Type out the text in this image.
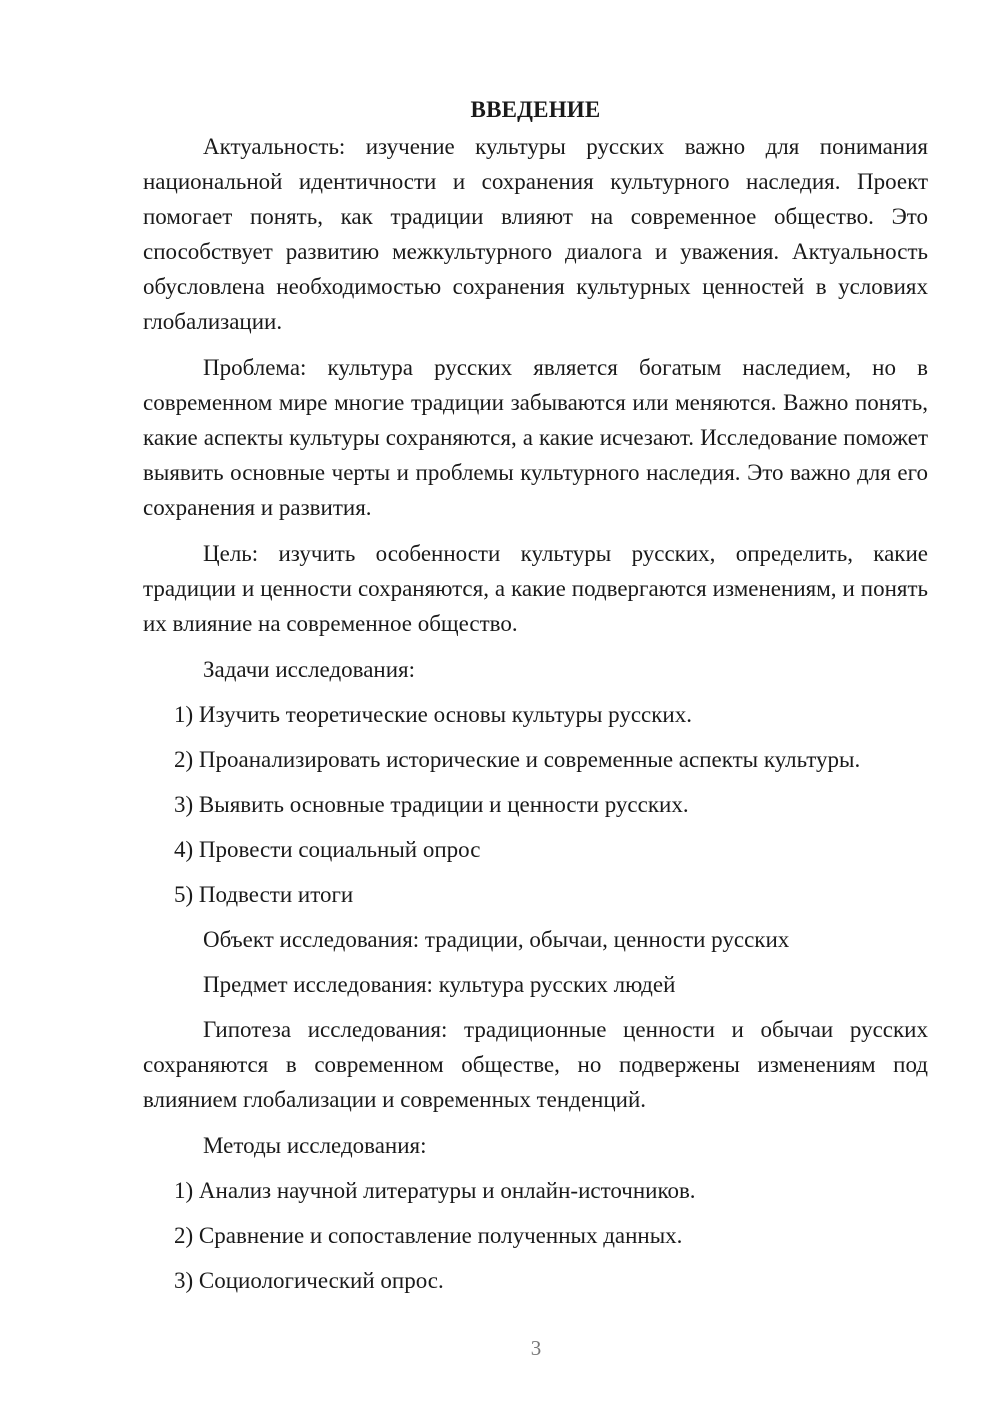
ВВЕДЕНИЕ

Актуальность: изучение культуры русских важно для понимания национальной идентичности и сохранения культурного наследия. Проект помогает понять, как традиции влияют на современное общество. Это способствует развитию межкультурного диалога и уважения. Актуальность обусловлена необходимостью сохранения культурных ценностей в условиях глобализации.

Проблема: культура русских является богатым наследием, но в современном мире многие традиции забываются или меняются. Важно понять, какие аспекты культуры сохраняются, а какие исчезают. Исследование поможет выявить основные черты и проблемы культурного наследия. Это важно для его сохранения и развития.

Цель: изучить особенности культуры русских, определить, какие традиции и ценности сохраняются, а какие подвергаются изменениям, и понять их влияние на современное общество.

Задачи исследования:
1) Изучить теоретические основы культуры русских.
2) Проанализировать исторические и современные аспекты культуры.
3) Выявить основные традиции и ценности русских.
4) Провести социальный опрос
5) Подвести итоги
Объект исследования: традиции, обычаи, ценности русских
Предмет исследования: культура русских людей

Гипотеза исследования: традиционные ценности и обычаи русских сохраняются в современном обществе, но подвержены изменениям под влиянием глобализации и современных тенденций.

Методы исследования:
1) Анализ научной литературы и онлайн-источников.
2) Сравнение и сопоставление полученных данных.
3) Социологический опрос.
3
